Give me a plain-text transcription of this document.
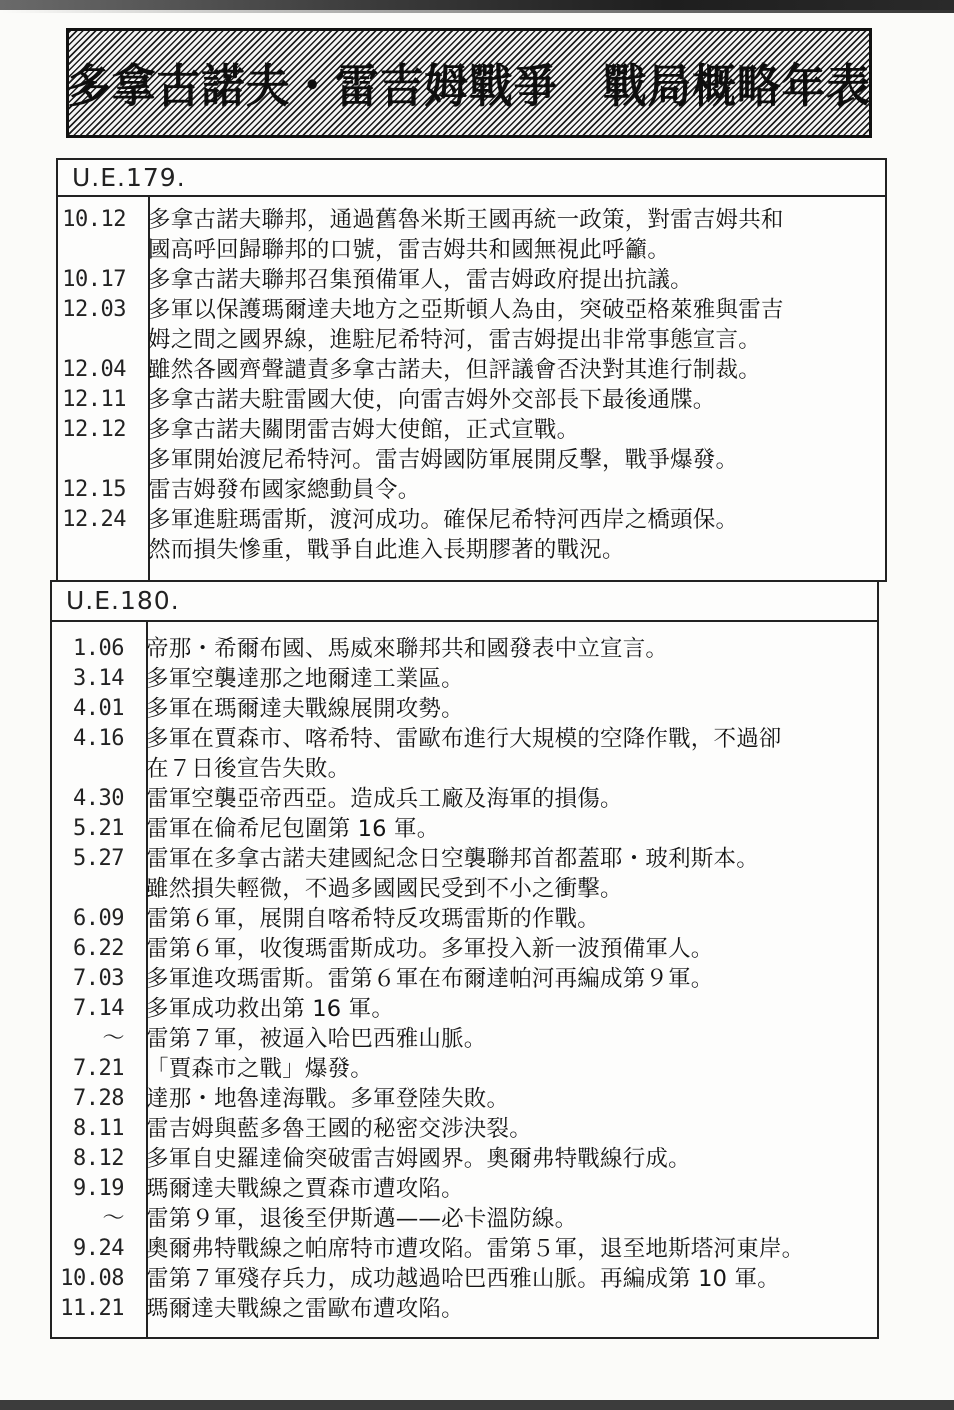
多拿古諾夫・雷吉姆戰爭　戰局概略年表
U.E.179.
10.12 多拿古諾夫聯邦，通過舊魯米斯王國再統一政策，對雷吉姆共和
國高呼回歸聯邦的口號，雷吉姆共和國無視此呼籲。
10.17 多拿古諾夫聯邦召集預備軍人，雷吉姆政府提出抗議。
12.03 多軍以保護瑪爾達夫地方之亞斯頓人為由，突破亞格萊雅與雷吉
姆之間之國界線，進駐尼希特河，雷吉姆提出非常事態宣言。
12.04 雖然各國齊聲譴責多拿古諾夫，但評議會否決對其進行制裁。
12.11 多拿古諾夫駐雷國大使，向雷吉姆外交部長下最後通牒。
12.12 多拿古諾夫關閉雷吉姆大使館，正式宣戰。
多軍開始渡尼希特河。雷吉姆國防軍展開反擊，戰爭爆發。
12.15 雷吉姆發布國家總動員令。
12.24 多軍進駐瑪雷斯，渡河成功。確保尼希特河西岸之橋頭保。
然而損失慘重，戰爭自此進入長期膠著的戰況。
U.E.180.
1.06 帝那・希爾布國、馬威來聯邦共和國發表中立宣言。
3.14 多軍空襲達那之地爾達工業區。
4.01 多軍在瑪爾達夫戰線展開攻勢。
4.16 多軍在賈森市、喀希特、雷歐布進行大規模的空降作戰，不過卻
在７日後宣告失敗。
4.30 雷軍空襲亞帝西亞。造成兵工廠及海軍的損傷。
5.21 雷軍在倫希尼包圍第 16 軍。
5.27 雷軍在多拿古諾夫建國紀念日空襲聯邦首都蓋耶・玻利斯本。
雖然損失輕微，不過多國國民受到不小之衝擊。
6.09 雷第６軍，展開自喀希特反攻瑪雷斯的作戰。
6.22 雷第６軍，收復瑪雷斯成功。多軍投入新一波預備軍人。
7.03 多軍進攻瑪雷斯。雷第６軍在布爾達帕河再編成第９軍。
7.14 多軍成功救出第 16 軍。
～ 雷第７軍，被逼入哈巴西雅山脈。
7.21 「賈森市之戰」爆發。
7.28 達那・地魯達海戰。多軍登陸失敗。
8.11 雷吉姆與藍多魯王國的秘密交涉決裂。
8.12 多軍自史羅達倫突破雷吉姆國界。奧爾弗特戰線行成。
9.19 瑪爾達夫戰線之賈森市遭攻陷。
～ 雷第９軍，退後至伊斯邁——必卡溫防線。
9.24 奧爾弗特戰線之帕席特市遭攻陷。雷第５軍，退至地斯塔河東岸。
10.08 雷第７軍殘存兵力，成功越過哈巴西雅山脈。再編成第 10 軍。
11.21 瑪爾達夫戰線之雷歐布遭攻陷。
